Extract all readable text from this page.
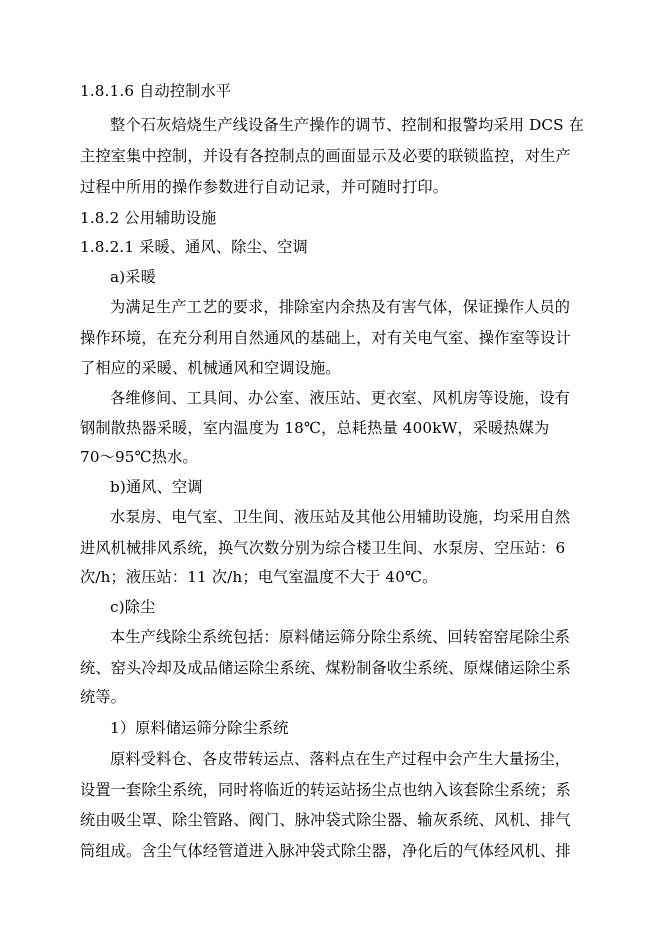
1.8.1.6 自动控制水平
整个石灰焙烧生产线设备生产操作的调节、控制和报警均采用 DCS 在
主控室集中控制，并设有各控制点的画面显示及必要的联锁监控，对生产
过程中所用的操作参数进行自动记录，并可随时打印。
1.8.2 公用辅助设施
1.8.2.1 采暖、通风、除尘、空调
a)采暖
为满足生产工艺的要求，排除室内余热及有害气体，保证操作人员的
操作环境，在充分利用自然通风的基础上，对有关电气室、操作室等设计
了相应的采暖、机械通风和空调设施。
各维修间、工具间、办公室、液压站、更衣室、风机房等设施，设有
钢制散热器采暖，室内温度为 18℃，总耗热量 400kW，采暖热媒为
70～95℃热水。
b)通风、空调
水泵房、电气室、卫生间、液压站及其他公用辅助设施，均采用自然
进风机械排风系统，换气次数分别为综合楼卫生间、水泵房、空压站：6
次/h；液压站：11 次/h；电气室温度不大于 40℃。
c)除尘
本生产线除尘系统包括：原料储运筛分除尘系统、回转窑窑尾除尘系
统、窑头冷却及成品储运除尘系统、煤粉制备收尘系统、原煤储运除尘系
统等。
1）原料储运筛分除尘系统
原料受料仓、各皮带转运点、落料点在生产过程中会产生大量扬尘，
设置一套除尘系统，同时将临近的转运站扬尘点也纳入该套除尘系统；系
统由吸尘罩、除尘管路、阀门、脉冲袋式除尘器、输灰系统、风机、排气
筒组成。含尘气体经管道进入脉冲袋式除尘器，净化后的气体经风机、排
